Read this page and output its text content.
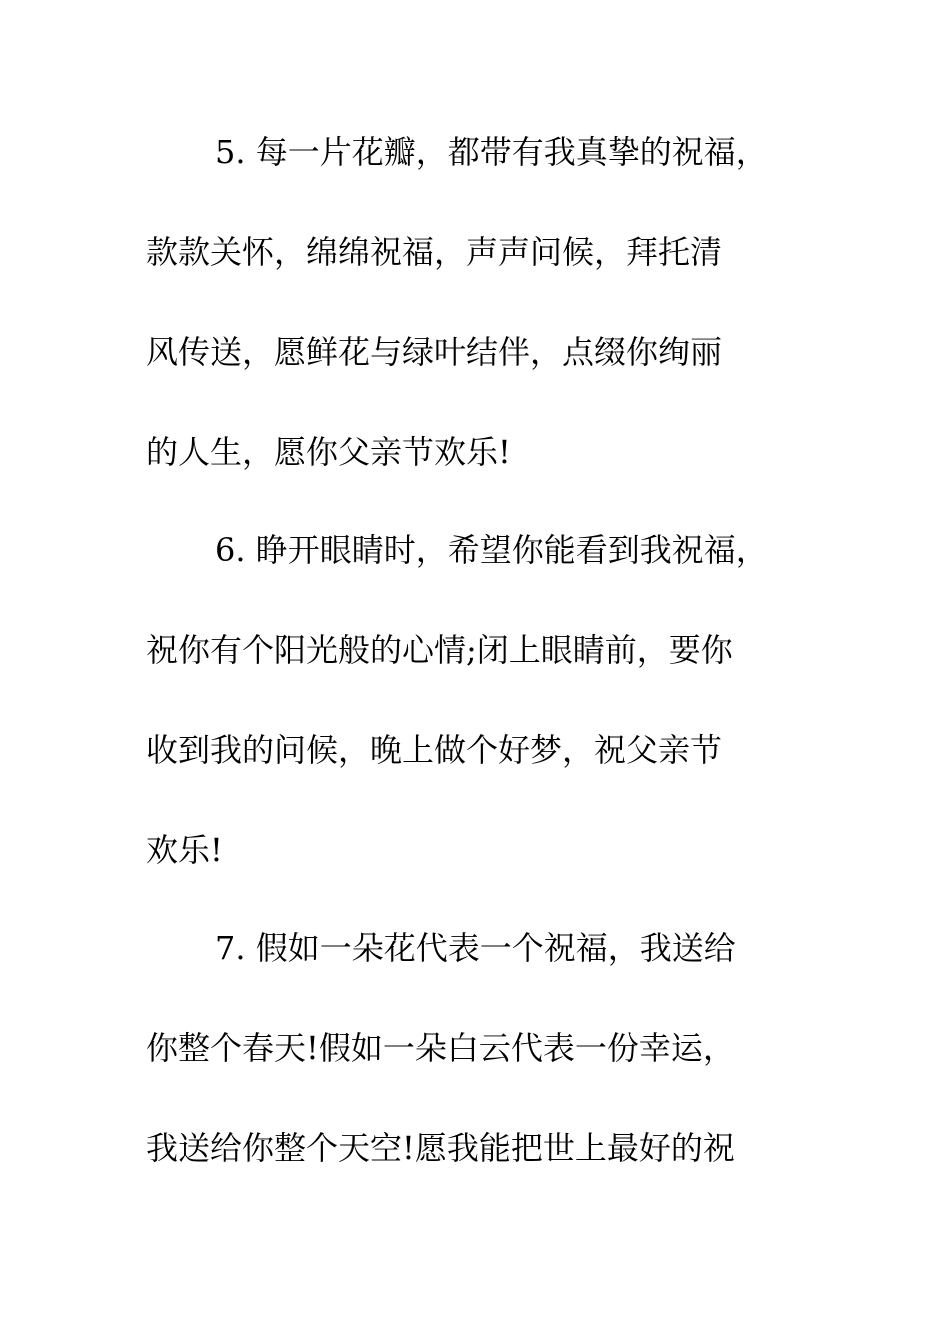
5. 每一片花瓣，都带有我真挚的祝福，
款款关怀，绵绵祝福，声声问候，拜托清
风传送，愿鲜花与绿叶结伴，点缀你绚丽
的人生，愿你父亲节欢乐!
6. 睁开眼睛时，希望你能看到我祝福，
祝你有个阳光般的心情;闭上眼睛前，要你
收到我的问候，晚上做个好梦，祝父亲节
欢乐!
7. 假如一朵花代表一个祝福，我送给
你整个春天!假如一朵白云代表一份幸运，
我送给你整个天空!愿我能把世上最好的祝
